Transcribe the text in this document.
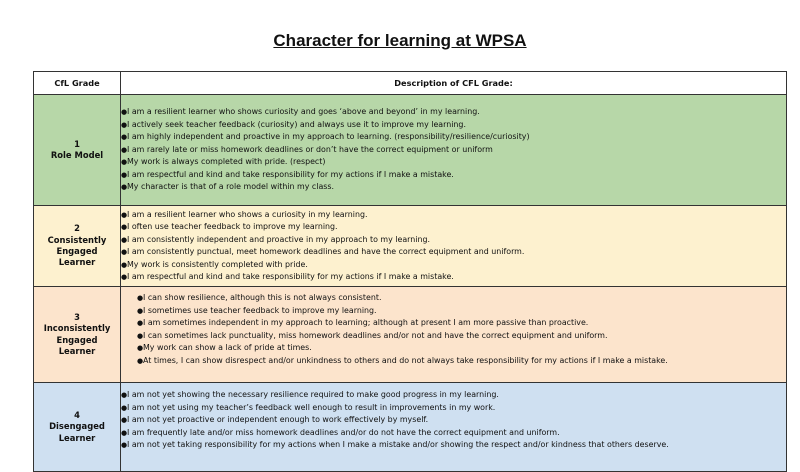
Character for learning at WPSA
CfL Grade	Description of CFL Grade:

1
Role Model

●I am a resilient learner who shows curiosity and goes ‘above and beyond’ in my learning.
●I actively seek teacher feedback (curiosity) and always use it to improve my learning.
●I am highly independent and proactive in my approach to learning. (responsibility/resilience/curiosity)
●I am rarely late or miss homework deadlines or don’t have the correct equipment or uniform
●My work is always completed with pride. (respect)
●I am respectful and kind and take responsibility for my actions if I make a mistake.
●My character is that of a role model within my class.

2
Consistently
Engaged
Learner

●I am a resilient learner who shows a curiosity in my learning.
●I often use teacher feedback to improve my learning.
●I am consistently independent and proactive in my approach to my learning.
●I am consistently punctual, meet homework deadlines and have the correct equipment and uniform.
●My work is consistently completed with pride.
●I am respectful and kind and take responsibility for my actions if I make a mistake.

3
Inconsistently
Engaged
Learner

●I can show resilience, although this is not always consistent.
●I sometimes use teacher feedback to improve my learning.
●I am sometimes independent in my approach to learning; although at present I am more passive than proactive.
●I can sometimes lack punctuality, miss homework deadlines and/or not and have the correct equipment and uniform.
●My work can show a lack of pride at times.
●At times, I can show disrespect and/or unkindness to others and do not always take responsibility for my actions if I make a mistake.

4
Disengaged
Learner

●I am not yet showing the necessary resilience required to make good progress in my learning.
●I am not yet using my teacher’s feedback well enough to result in improvements in my work.
●I am not yet proactive or independent enough to work effectively by myself.
●I am frequently late and/or miss homework deadlines and/or do not have the correct equipment and uniform.
●I am not yet taking responsibility for my actions when I make a mistake and/or showing the respect and/or kindness that others deserve.
